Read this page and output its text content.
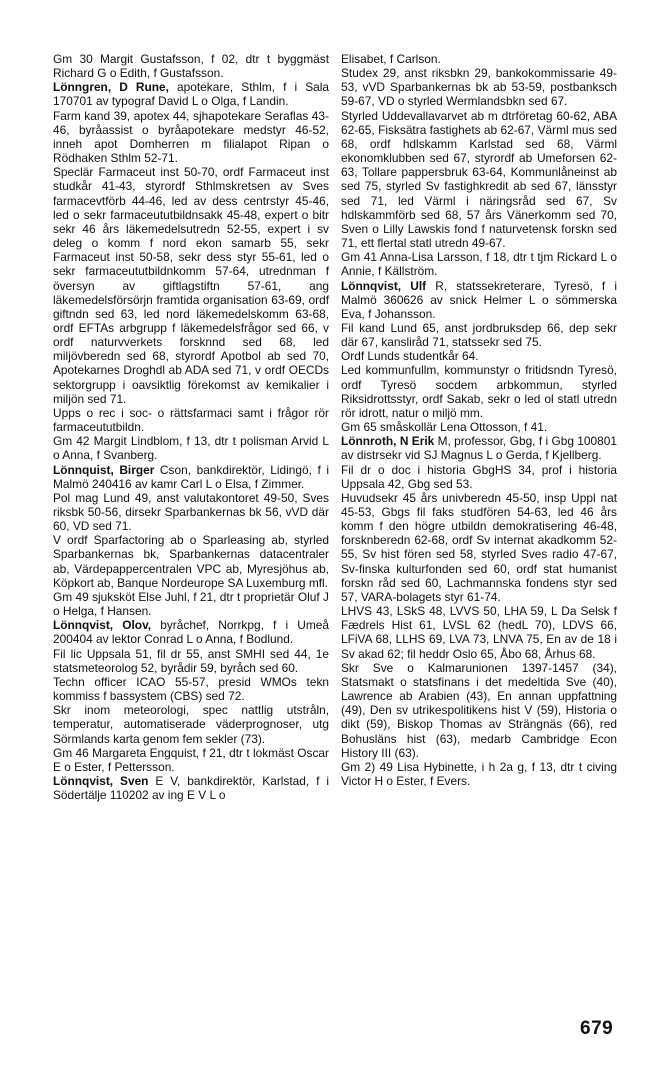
Gm 30 Margit Gustafsson, f 02, dtr t byggmäst Richard G o Edith, f Gustafsson.

Lönngren, D Rune, apotekare, Sthlm, f i Sala 170701 av typograf David L o Olga, f Landin.

Farm kand 39, apotex 44, sjhapotekare Seraflas 43-46, byråassist o byråapotekare medstyr 46-52, inneh apot Domherren m filialapot Ripan o Rödhaken Sthlm 52-71.

Speclär Farmaceut inst 50-70, ordf Farmaceut inst studkår 41-43, styrordf Sthlmskretsen av Sves farmacevtförb 44-46, led av dess centrstyr 45-46, led o sekr farmaceututbildnsakk 45-48, expert o bitr sekr 46 års läkemedelsutredn 52-55, expert i sv deleg o komm f nord ekon samarb 55, sekr Farmaceut inst 50-58, sekr dess styr 55-61, led o sekr farmaceututbildnkomm 57-64, utrednman f översyn av giftlagstiftn 57-61, ang läkemedelsförsörjn framtida organisation 63-69, ordf giftndn sed 63, led nord läkemedelskomm 63-68, ordf EFTAs arbgrupp f läkemedelsfrågor sed 66, v ordf naturvverkets forsknnd sed 68, led miljövberedn sed 68, styrordf Apotbol ab sed 70, Apotekarnes Droghdl ab ADA sed 71, v ordf OECDs sektorgrupp i oavsiktlig förekomst av kemikalier i miljön sed 71.

Upps o rec i soc- o rättsfarmaci samt i frågor rör farmaceututbildn.

Gm 42 Margit Lindblom, f 13, dtr t polisman Arvid L o Anna, f Svanberg.

Lönnquist, Birger Cson, bankdirektör, Lidingö, f i Malmö 240416 av kamr Carl L o Elsa, f Zimmer.

Pol mag Lund 49, anst valutakontoret 49-50, Sves riksbk 50-56, dirsekr Sparbankernas bk 56, vVD där 60, VD sed 71.

V ordf Sparfactoring ab o Sparleasing ab, styrled Sparbankernas bk, Sparbankernas datacentraler ab, Värdepappercentralen VPC ab, Myresjöhus ab, Köpkort ab, Banque Nordeurope SA Luxemburg mfl.

Gm 49 sjuksköt Else Juhl, f 21, dtr t proprietär Oluf J o Helga, f Hansen.

Lönnqvist, Olov, byråchef, Norrkpg, f i Umeå 200404 av lektor Conrad L o Anna, f Bodlund.

Fil lic Uppsala 51, fil dr 55, anst SMHI sed 44, 1e statsmeteorolog 52, byrådir 59, byråch sed 60.

Techn officer ICAO 55-57, presid WMOs tekn kommiss f bassystem (CBS) sed 72.

Skr inom meteorologi, spec nattlig utstråln, temperatur, automatiserade väderprognoser, utg Sörmlands karta genom fem sekler (73).

Gm 46 Margareta Engquist, f 21, dtr t lokmäst Oscar E o Ester, f Pettersson.

Lönnqvist, Sven E V, bankdirektör, Karlstad, f i Södertälje 110202 av ing E V L o

Elisabet, f Carlson.

Studex 29, anst riksbkn 29, bankokommissarie 49-53, vVD Sparbankernas bk ab 53-59, postbanksch 59-67, VD o styrled Wermlandsbkn sed 67.

Styrled Uddevallavarvet ab m dtrföretag 60-62, ABA 62-65, Fisksätra fastighets ab 62-67, Värml mus sed 68, ordf hdlskamm Karlstad sed 68, Värml ekonomklubben sed 67, styrordf ab Umeforsen 62-63, Tollare pappersbruk 63-64, Kommunlåneinst ab sed 75, styrled Sv fastighkredit ab sed 67, länsstyr sed 71, led Värml i näringsråd sed 67, Sv hdlskammförb sed 68, 57 års Vänerkomm sed 70, Sven o Lilly Lawskis fond f naturvetensk forskn sed 71, ett flertal statl utredn 49-67.

Gm 41 Anna-Lisa Larsson, f 18, dtr t tjm Rickard L o Annie, f Källström.

Lönnqvist, Ulf R, statssekreterare, Tyresö, f i Malmö 360626 av snick Helmer L o sömmerska Eva, f Johansson.

Fil kand Lund 65, anst jordbruksdep 66, dep sekr där 67, kansliråd 71, statssekr sed 75.

Ordf Lunds studentkår 64.

Led kommunfullm, kommunstyr o fritidsndn Tyresö, ordf Tyresö socdem arbkommun, styrled Riksidrottsstyr, ordf Sakab, sekr o led ol statl utredn rör idrott, natur o miljö mm.

Gm 65 småskollär Lena Ottosson, f 41.

Lönnroth, N Erik M, professor, Gbg, f i Gbg 100801 av distrsekr vid SJ Magnus L o Gerda, f Kjellberg.

Fil dr o doc i historia GbgHS 34, prof i historia Uppsala 42, Gbg sed 53.

Huvudsekr 45 års univberedn 45-50, insp Uppl nat 45-53, Gbgs fil faks studfören 54-63, led 46 års komm f den högre utbildn demokratisering 46-48, forsknberedn 62-68, ordf Sv internat akadkomm 52-55, Sv hist fören sed 58, styrled Sves radio 47-67, Sv-finska kulturfonden sed 60, ordf stat humanist forskn råd sed 60, Lachmannska fondens styr sed 57, VARA-bolagets styr 61-74.

LHVS 43, LSkS 48, LVVS 50, LHA 59, L Da Selsk f Fædrels Hist 61, LVSL 62 (hedL 70), LDVS 66, LFiVA 68, LLHS 69, LVA 73, LNVA 75, En av de 18 i Sv akad 62; fil heddr Oslo 65, Åbo 68, Århus 68.

Skr Sve o Kalmarunionen 1397-1457 (34), Statsmakt o statsfinans i det medeltida Sve (40), Lawrence ab Arabien (43), En annan uppfattning (49), Den sv utrikespolitikens hist V (59), Historia o dikt (59), Biskop Thomas av Strängnäs (66), red Bohusläns hist (63), medarb Cambridge Econ History III (63).

Gm 2) 49 Lisa Hybinette, i h 2a g, f 13, dtr t civing Victor H o Ester, f Evers.

679
